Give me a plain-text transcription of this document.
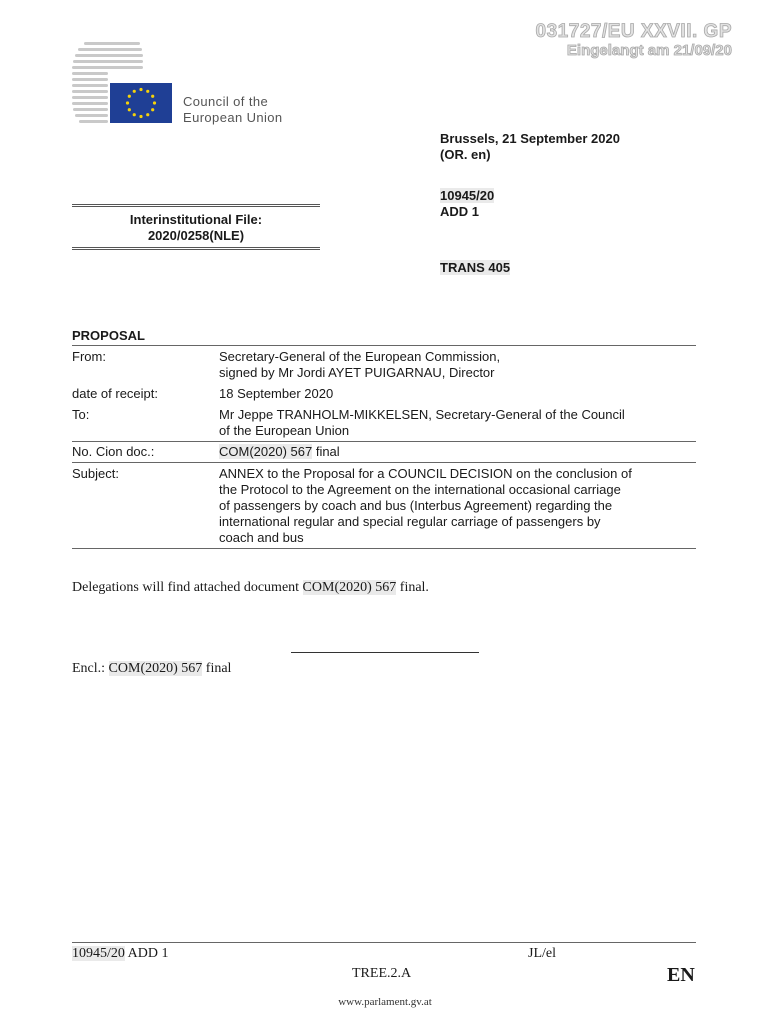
031727/EU XXVII. GP
Eingelangt am 21/09/20
Council of the
European Union
Brussels, 21 September 2020
(OR. en)
10945/20
ADD 1
TRANS 405
Interinstitutional File:
2020/0258(NLE)
PROPOSAL
From:	Secretary-General of the European Commission,
signed by Mr Jordi AYET PUIGARNAU, Director
date of receipt:	18 September 2020
To:	Mr Jeppe TRANHOLM-MIKKELSEN, Secretary-General of the Council
of the European Union
No. Cion doc.:	COM(2020) 567 final
Subject:	ANNEX to the Proposal for a COUNCIL DECISION on the conclusion of
the Protocol to the Agreement on the international occasional carriage
of passengers by coach and bus (Interbus Agreement) regarding the
international regular and special regular carriage of passengers by
coach and bus
Delegations will find attached document COM(2020) 567 final.
Encl.: COM(2020) 567 final
10945/20 ADD 1	JL/el
TREE.2.A	EN
www.parlament.gv.at
